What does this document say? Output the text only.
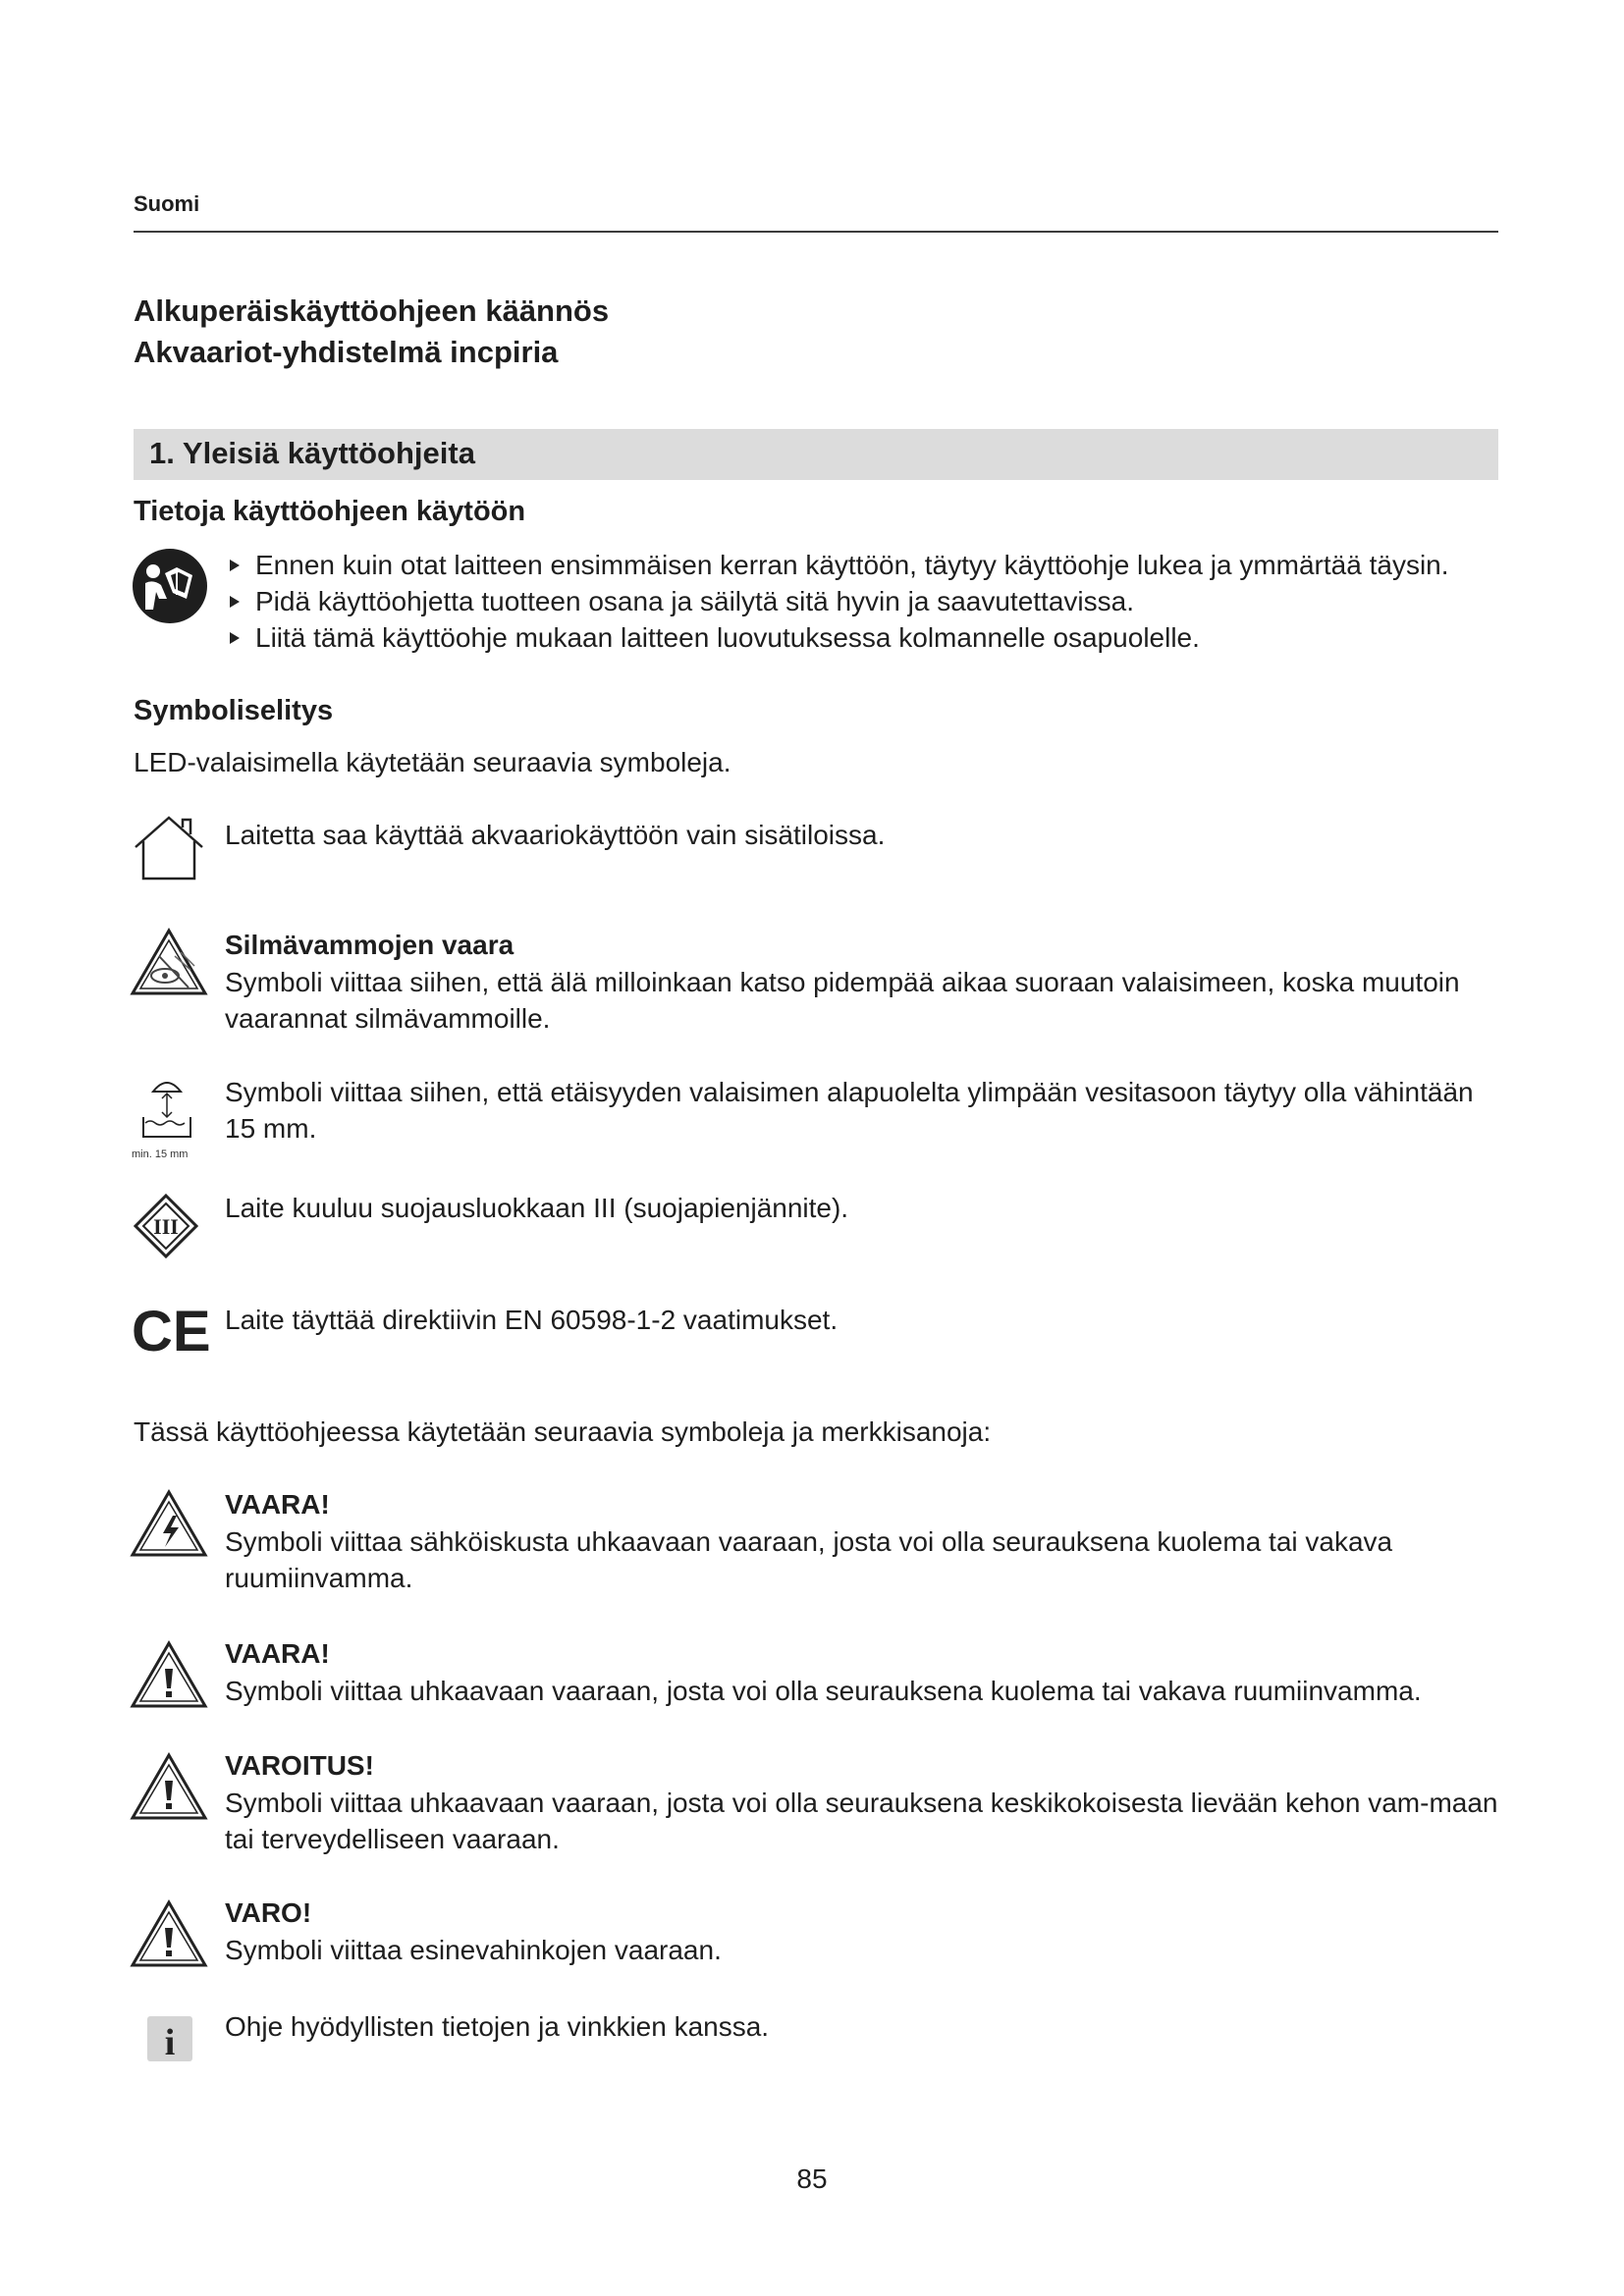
Suomi
Alkuperäiskäyttöohjeen käännös
Akvaariot-yhdistelmä incpiria
1. Yleisiä käyttöohjeita
Tietoja käyttöohjeen käytöön
Ennen kuin otat laitteen ensimmäisen kerran käyttöön, täytyy käyttöohje lukea ja ymmärtää täysin.
Pidä käyttöohjetta tuotteen osana ja säilytä sitä hyvin ja saavutettavissa.
Liitä tämä käyttöohje mukaan laitteen luovutuksessa kolmannelle osapuolelle.
Symboliselitys
LED-valaisimella käytetään seuraavia symboleja.
Laitetta saa käyttää akvaariokäyttöön vain sisätiloissa.
Silmävammojen vaara
Symboli viittaa siihen, että älä milloinkaan katso pidempää aikaa suoraan valaisimeen, koska muutoin vaarannat silmävammoille.
min. 15 mm
Symboli viittaa siihen, että etäisyyden valaisimen alapuolelta ylimpään vesitasoon täytyy olla vähintään 15 mm.
III
Laite kuuluu suojausluokkaan III (suojapienjännite).
CE Laite täyttää direktiivin EN 60598-1-2 vaatimukset.
Tässä käyttöohjeessa käytetään seuraavia symboleja ja merkkisanoja:
VAARA!
Symboli viittaa sähköiskusta uhkaavaan vaaraan, josta voi olla seurauksena kuolema tai vakava ruumiinvamma.
VAARA!
Symboli viittaa uhkaavaan vaaraan, josta voi olla seurauksena kuolema tai vakava ruumiinvamma.
VAROITUS!
Symboli viittaa uhkaavaan vaaraan, josta voi olla seurauksena keskikokoisesta lievään kehon vam-maan tai terveydelliseen vaaraan.
VARO!
Symboli viittaa esinevahinkojen vaaraan.
i Ohje hyödyllisten tietojen ja vinkkien kanssa.
85
